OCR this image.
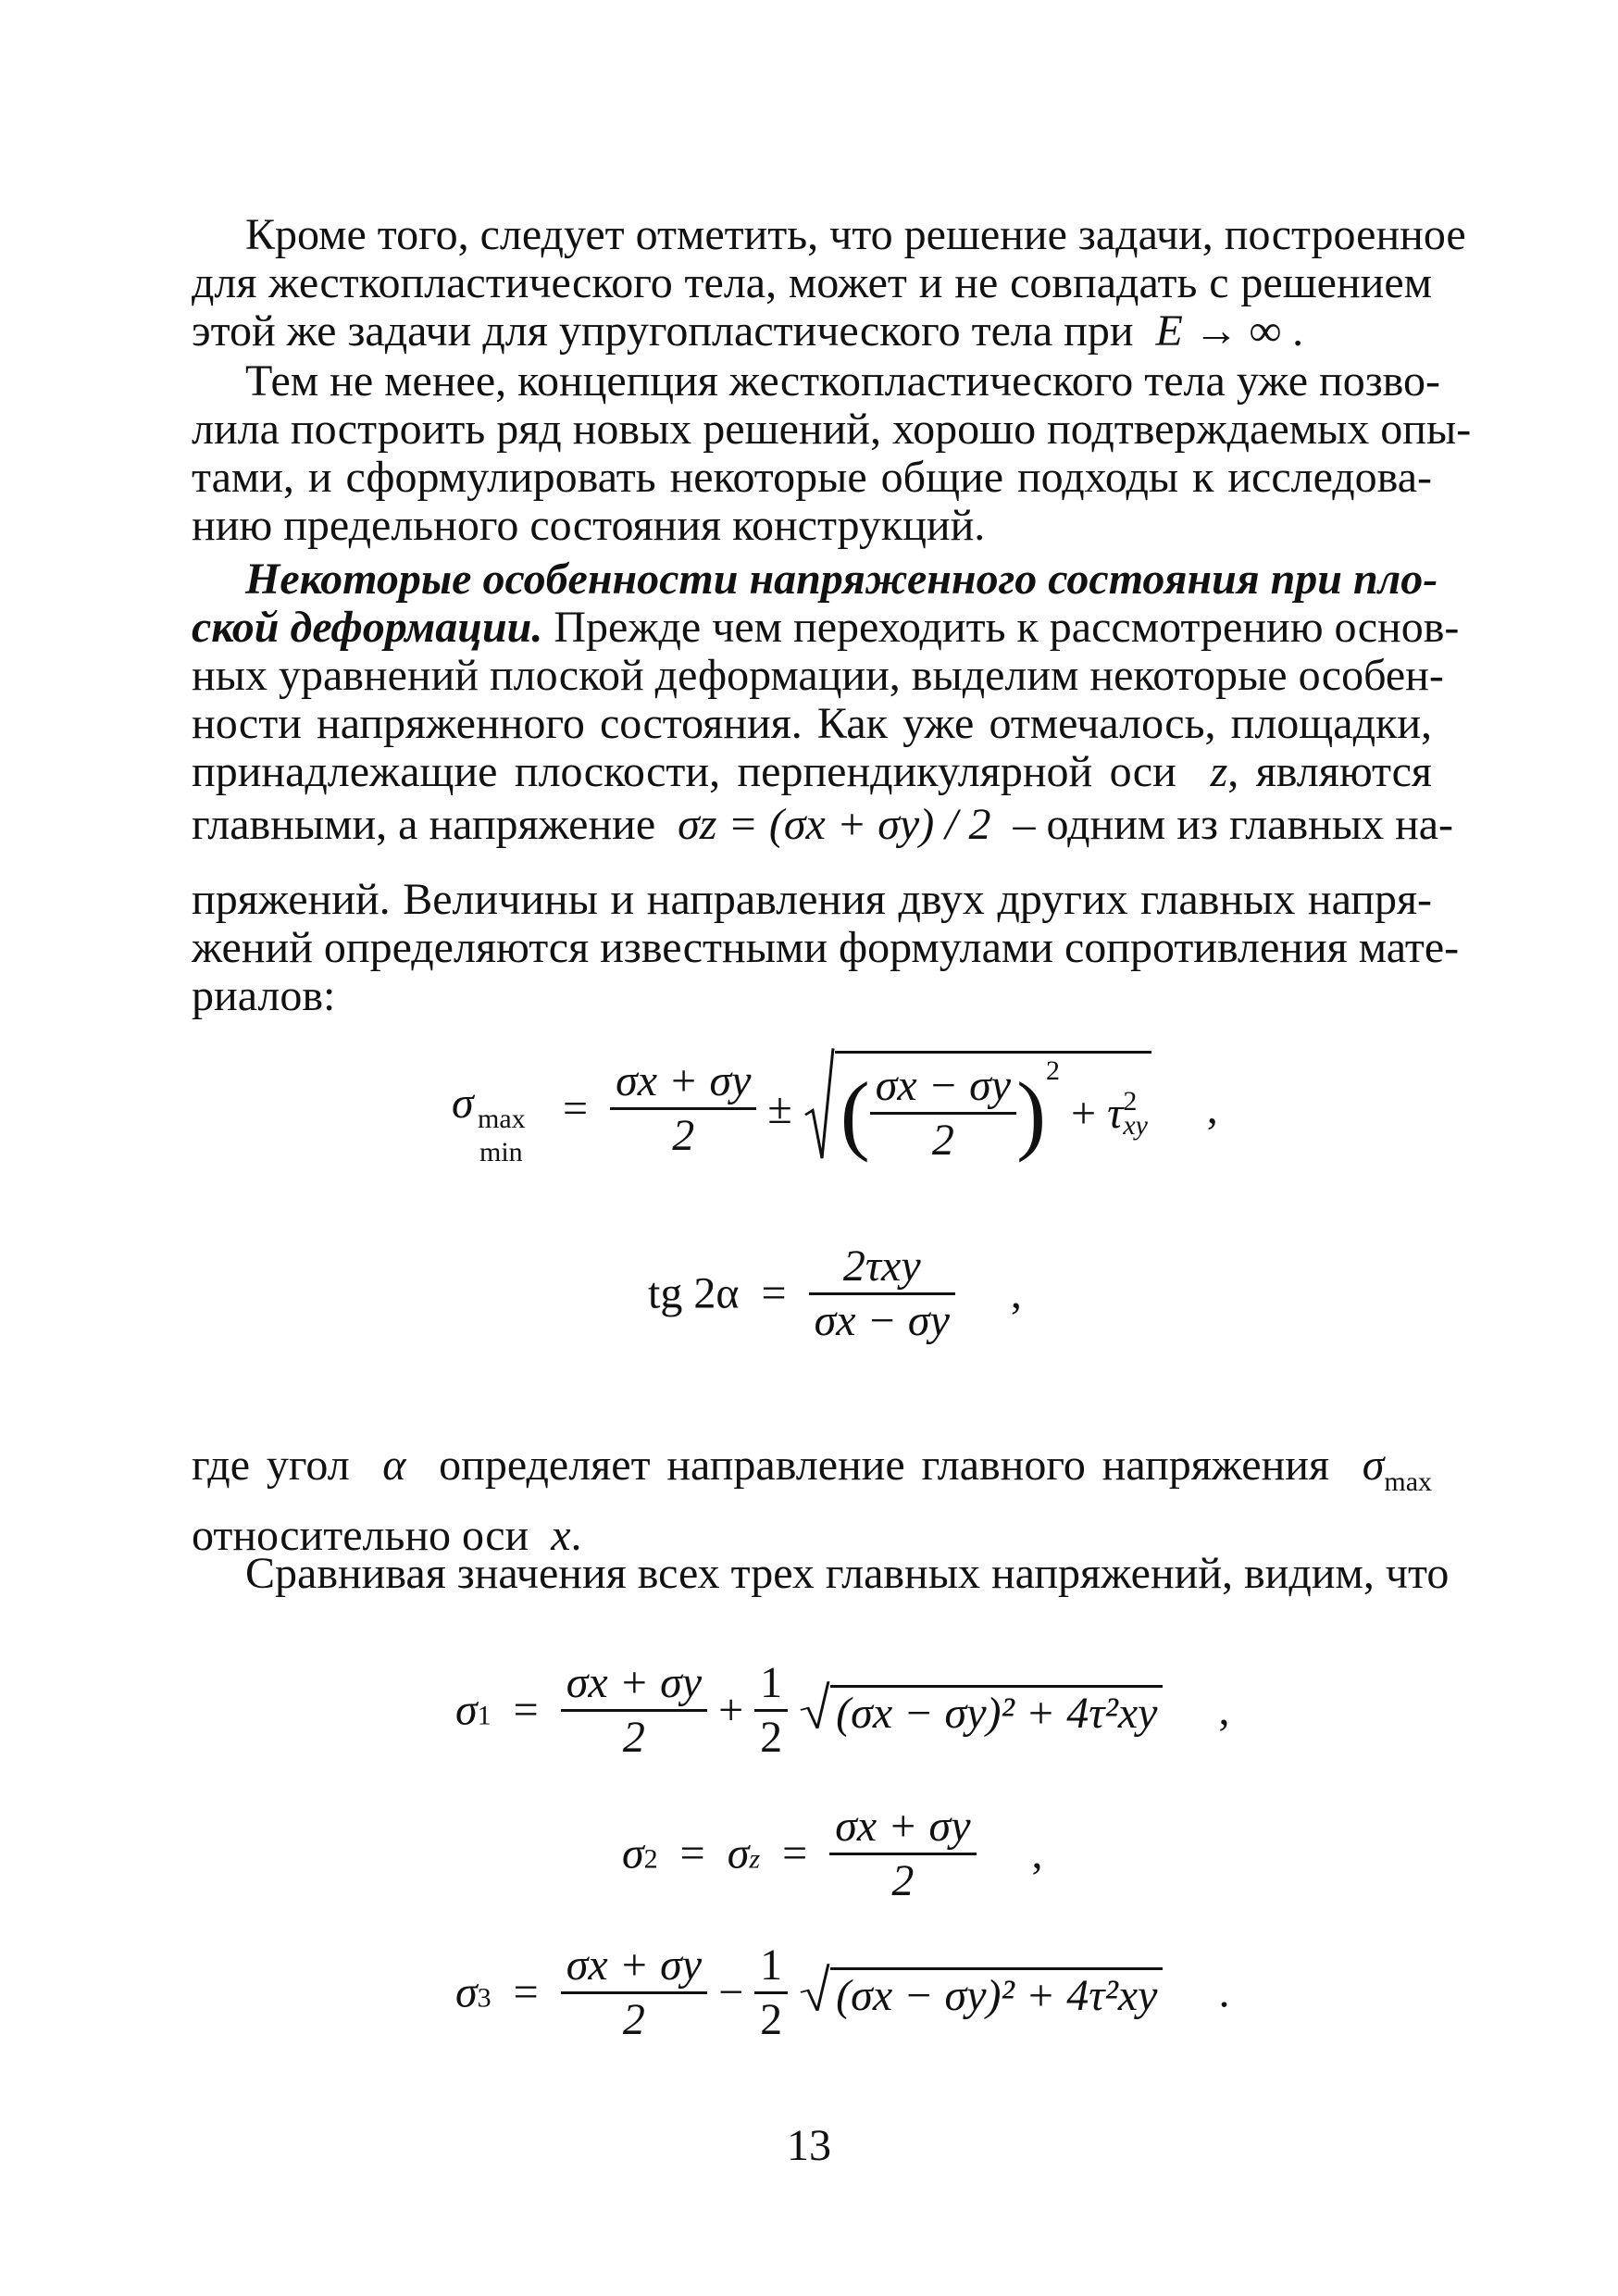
Кроме того, следует отметить, что решение задачи, построенное
для жесткопластического тела, может и не совпадать с решением
этой же задачи для упругопластического тела при E → ∞ .
Тем не менее, концепция жесткопластического тела уже позво-
лила построить ряд новых решений, хорошо подтверждаемых опы-
тами, и сформулировать некоторые общие подходы к исследова-
нию предельного состояния конструкций.
Некоторые особенности напряженного состояния при пло-
ской деформации. Прежде чем переходить к рассмотрению основ-
ных уравнений плоской деформации, выделим некоторые особен-
ности напряженного состояния. Как уже отмечалось, площадки,
принадлежащие плоскости, перпендикулярной оси z, являются
главными, а напряжение σz = (σx + σy) / 2 – одним из главных на-
пряжений. Величины и направления двух других главных напря-
жений определяются известными формулами сопротивления мате-
риалов:
σ max
min
= $\frac{\sigma x + \sigma y}{2}$ ± ( $\frac{\sigma x - \sigma y}{2} )^2 + \tau$ 2
xy ,
tg $2\alpha = \frac{\text{2τxy}}{\sigma x - \sigma y}$ ,
где угол α определяет направление главного напряжения $\sigma_{max}$
относительно оси x.
Сравнивая значения всех трех главных напряжений, видим, что
$\sigma 1 = \frac{\sigma x + \sigma y}{2} + \frac{1}{2}$
(σx − σy)² + 4τ²xy ,
$\sigma 2 = \sigma z = \frac{\sigma x + \sigma y}{2}$ ,
$\sigma 3 = \frac{\sigma x + \sigma y}{2} - \frac{1}{2}$
(σx − σy)² + 4τ²xy .
13
